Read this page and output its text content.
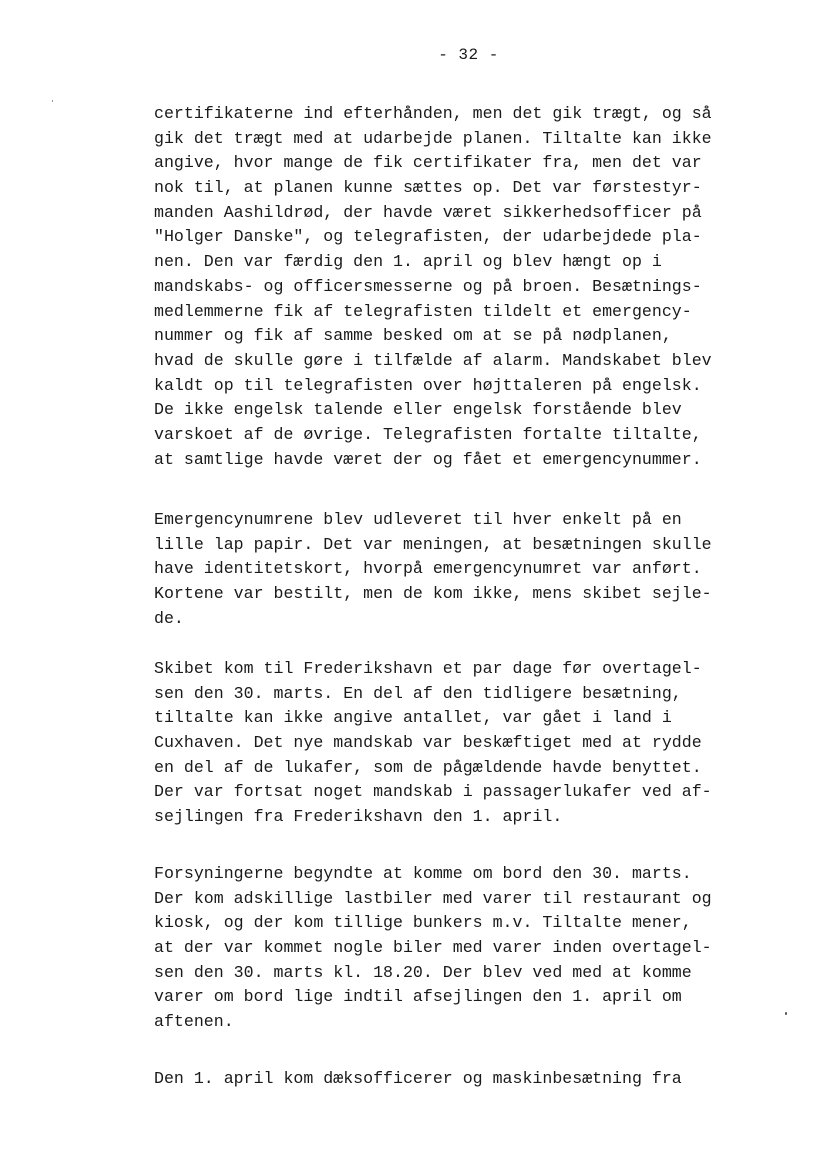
- 32 -
certifikaterne ind efterhånden, men det gik trægt, og så
gik det trægt med at udarbejde planen. Tiltalte kan ikke
angive, hvor mange de fik certifikater fra, men det var
nok til, at planen kunne sættes op. Det var førstestyr-
manden Aashildrød, der havde været sikkerhedsofficer på
"Holger Danske", og telegrafisten, der udarbejdede pla-
nen. Den var færdig den 1. april og blev hængt op i
mandskabs- og officersmesserne og på broen. Besætnings-
medlemmerne fik af telegrafisten tildelt et emergency-
nummer og fik af samme besked om at se på nødplanen,
hvad de skulle gøre i tilfælde af alarm. Mandskabet blev
kaldt op til telegrafisten over højttaleren på engelsk.
De ikke engelsk talende eller engelsk forstående blev
varskoet af de øvrige. Telegrafisten fortalte tiltalte,
at samtlige havde været der og fået et emergencynummer.
Emergencynumrene blev udleveret til hver enkelt på en
lille lap papir. Det var meningen, at besætningen skulle
have identitetskort, hvorpå emergencynumret var anført.
Kortene var bestilt, men de kom ikke, mens skibet sejle-
de.
Skibet kom til Frederikshavn et par dage før overtagel-
sen den 30. marts. En del af den tidligere besætning,
tiltalte kan ikke angive antallet, var gået i land i
Cuxhaven. Det nye mandskab var beskæftiget med at rydde
en del af de lukafer, som de pågældende havde benyttet.
Der var fortsat noget mandskab i passagerlukafer ved af-
sejlingen fra Frederikshavn den 1. april.
Forsyningerne begyndte at komme om bord den 30. marts.
Der kom adskillige lastbiler med varer til restaurant og
kiosk, og der kom tillige bunkers m.v. Tiltalte mener,
at der var kommet nogle biler med varer inden overtagel-
sen den 30. marts kl. 18.20. Der blev ved med at komme
varer om bord lige indtil afsejlingen den 1. april om
aftenen.
Den 1. april kom dæksofficerer og maskinbesætning fra
